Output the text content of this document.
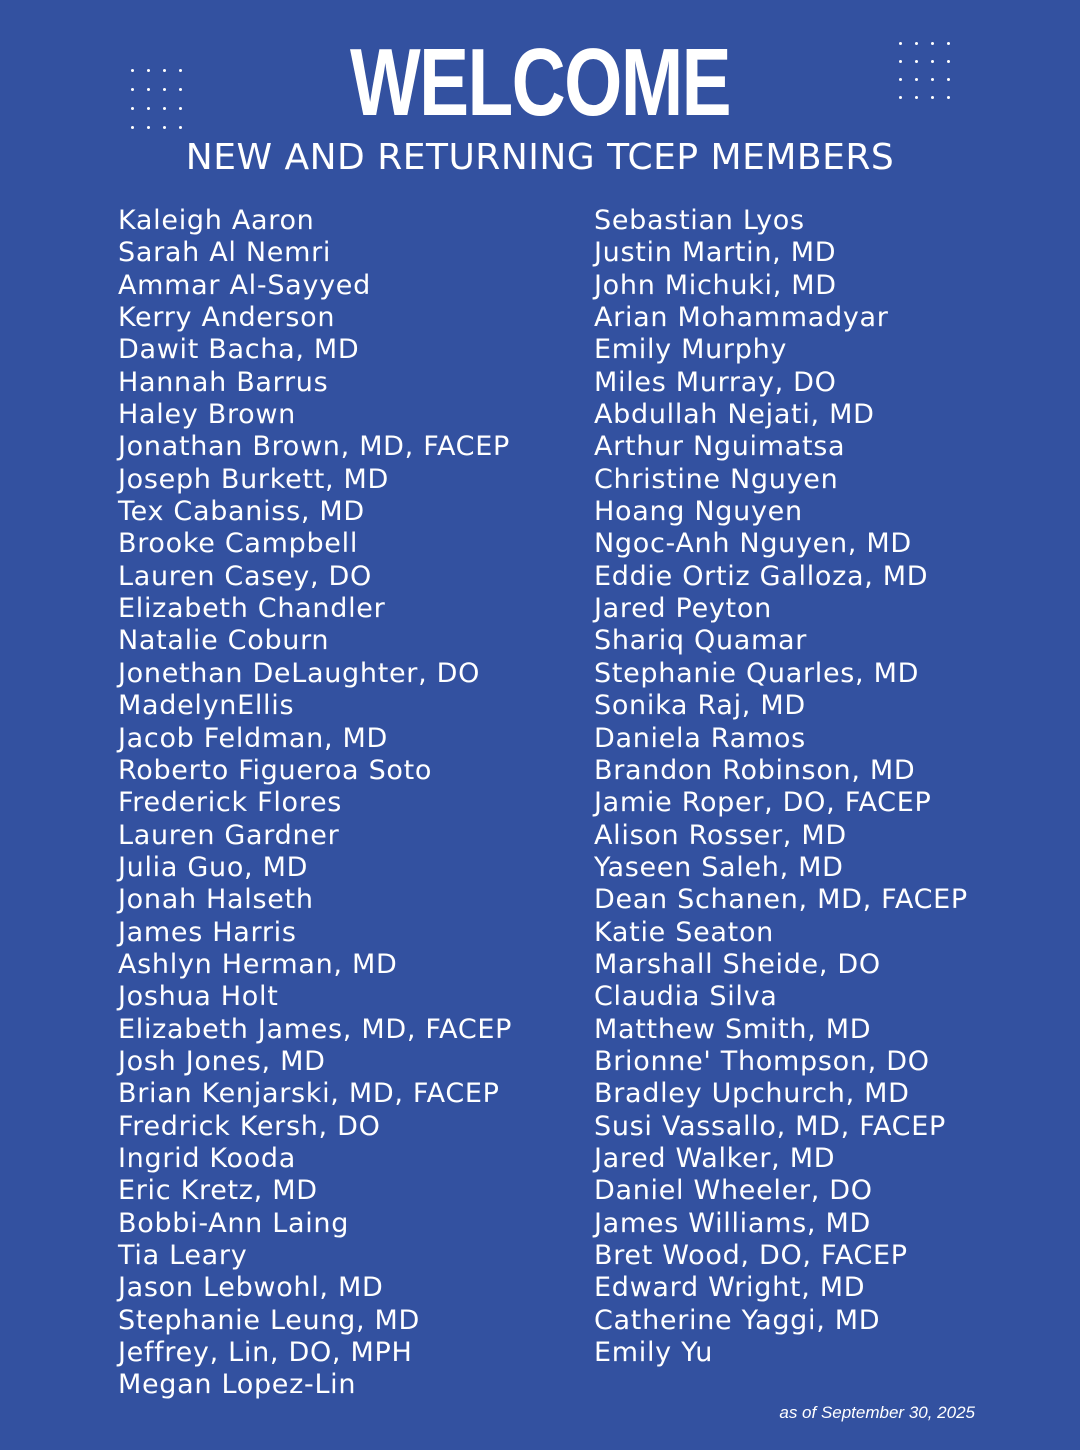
WELCOME
NEW AND RETURNING TCEP MEMBERS
Kaleigh Aaron
Sarah Al Nemri
Ammar Al-Sayyed
Kerry Anderson
Dawit Bacha, MD
Hannah Barrus
Haley Brown
Jonathan Brown, MD, FACEP
Joseph Burkett, MD
Tex Cabaniss, MD
Brooke Campbell
Lauren Casey, DO
Elizabeth Chandler
Natalie Coburn
Jonethan DeLaughter, DO
MadelynEllis
Jacob Feldman, MD
Roberto Figueroa Soto
Frederick Flores
Lauren Gardner
Julia Guo, MD
Jonah Halseth
James Harris
Ashlyn Herman, MD
Joshua Holt
Elizabeth James, MD, FACEP
Josh Jones, MD
Brian Kenjarski, MD, FACEP
Fredrick Kersh, DO
Ingrid Kooda
Eric Kretz, MD
Bobbi-Ann Laing
Tia Leary
Jason Lebwohl, MD
Stephanie Leung, MD
Jeffrey, Lin, DO, MPH
Megan Lopez-Lin
Sebastian Lyos
Justin Martin, MD
John Michuki, MD
Arian Mohammadyar
Emily Murphy
Miles Murray, DO
Abdullah Nejati, MD
Arthur Nguimatsa
Christine Nguyen
Hoang Nguyen
Ngoc-Anh Nguyen, MD
Eddie Ortiz Galloza, MD
Jared Peyton
Shariq Quamar
Stephanie Quarles, MD
Sonika Raj, MD
Daniela Ramos
Brandon Robinson, MD
Jamie Roper, DO, FACEP
Alison Rosser, MD
Yaseen Saleh, MD
Dean Schanen, MD, FACEP
Katie Seaton
Marshall Sheide, DO
Claudia Silva
Matthew Smith, MD
Brionne' Thompson, DO
Bradley Upchurch, MD
Susi Vassallo, MD, FACEP
Jared Walker, MD
Daniel Wheeler, DO
James Williams, MD
Bret Wood, DO, FACEP
Edward Wright, MD
Catherine Yaggi, MD
Emily Yu
as of September 30, 2025
